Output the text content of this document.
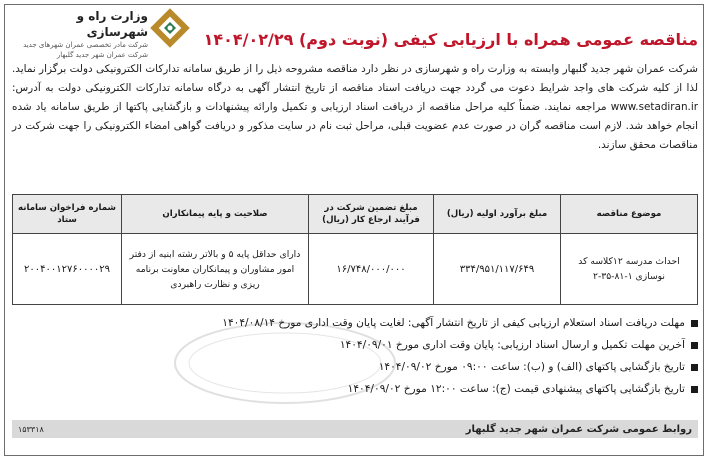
وزارت راه و شهرسازی
شرکت مادر تخصصی عمران شهرهای جدید
شرکت عمران شهر جدید گلبهار
مناقصه عمومی همراه با ارزیابی کیفی (نوبت دوم) ۱۴۰۴/۰۲/۲۹

شرکت عمران شهر جدید گلبهار وابسته به وزارت راه و شهرسازی در نظر دارد مناقصه مشروحه ذیل را از طریق سامانه تدارکات الکترونیکی دولت برگزار نماید. لذا از کلیه شرکت های واجد شرایط دعوت می گردد جهت دریافت اسناد مناقصه از تاریخ انتشار آگهی به درگاه سامانه تدارکات الکترونیکی دولت به آدرس: www.setadiran.ir مراجعه نمایند. ضمناً کلیه مراحل مناقصه از دریافت اسناد ارزیابی و تکمیل وارائه پیشنهادات و بازگشایی پاکتها از طریق سامانه یاد شده انجام خواهد شد. لازم است مناقصه گران در صورت عدم عضویت قبلی، مراحل ثبت نام در سایت مذکور و دریافت گواهی امضاء الکترونیکی را جهت شرکت در مناقصات محقق سازند.

موضوع مناقصه	مبلغ برآورد اولیه (ریال)	مبلغ تضمین شرکت در فرآیند ارجاع کار (ریال)	صلاحیت و پایه پیمانکاران	شماره فراخوان سامانه ستاد
احداث مدرسه ۱۲کلاسه کد نوسازی ۱-۸۱-۳۵-۲	۳۳۴/۹۵۱/۱۱۷/۶۴۹	۱۶/۷۴۸/۰۰۰/۰۰۰	دارای حداقل پایه ۵ و بالاتر رشته ابنیه از دفتر امور مشاوران و پیمانکاران معاونت برنامه ریزی و نظارت راهبردی	۲۰۰۴۰۰۱۲۷۶۰۰۰۰۲۹
مهلت دریافت اسناد استعلام ارزیابی کیفی از تاریخ انتشار آگهی: لغایت پایان وقت اداری مورخ ۱۴۰۴/۰۸/۱۴
آخرین مهلت تکمیل و ارسال اسناد ارزیابی: پایان وقت اداری مورخ ۱۴۰۴/۰۹/۰۱
تاریخ بازگشایی پاکتهای (الف) و (ب): ساعت ۰۹:۰۰ مورخ ۱۴۰۴/۰۹/۰۲
تاریخ بازگشایی پاکتهای پیشنهادی قیمت (ج): ساعت ۱۲:۰۰ مورخ ۱۴۰۴/۰۹/۰۲
روابط عمومی شرکت عمران شهر جدید گلبهار
۱۵۳۳۱۸
